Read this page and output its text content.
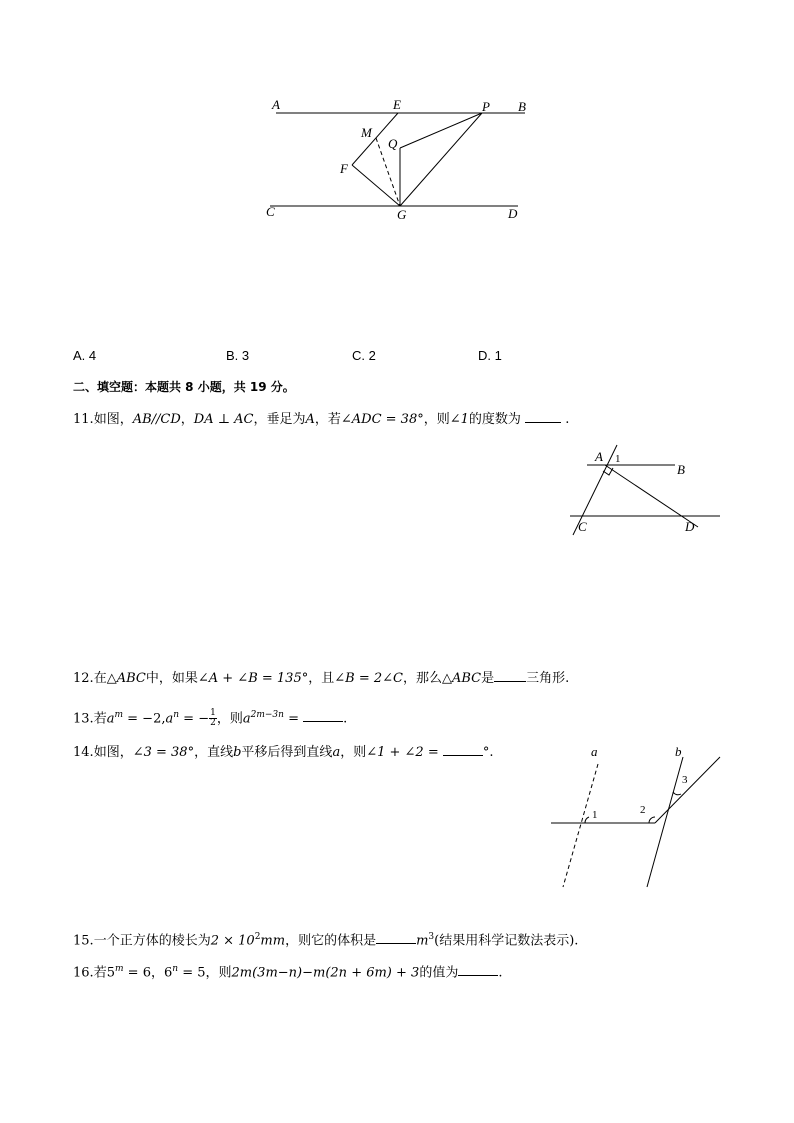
A	E	P B
M
Q
F
C	G	D
A. 4	B. 3	C. 2	D. 1
二、填空题：本题共 8 小题，共 19 分。
11.如图，AB//CD，DA ⊥ AC，垂足为A，若∠ADC = 38°，则∠1的度数为	.
A 1
B
C	D
12.在△ABC中，如果∠A + ∠B = 135°，且∠B = 2∠C，那么△ABC是 三角形.
13.若$a^m = -2,a^n$ = − $\frac{1}{2}$ ，则$a^{2m-3n}$ =	.
14.如图，∠3 = 38°，直线b平移后得到直线a，则∠1 + ∠2 =	°.	a	b
1	2
3
15.一个正方体的棱长为$2 \times 10^2mm$，则它的体积是	$m^3$(结果用科学记数法表示).
16.若$5^m = 6$，$6^n = 5$，则2m(3m−n)−m(2n + 6m) + 3的值为	.
